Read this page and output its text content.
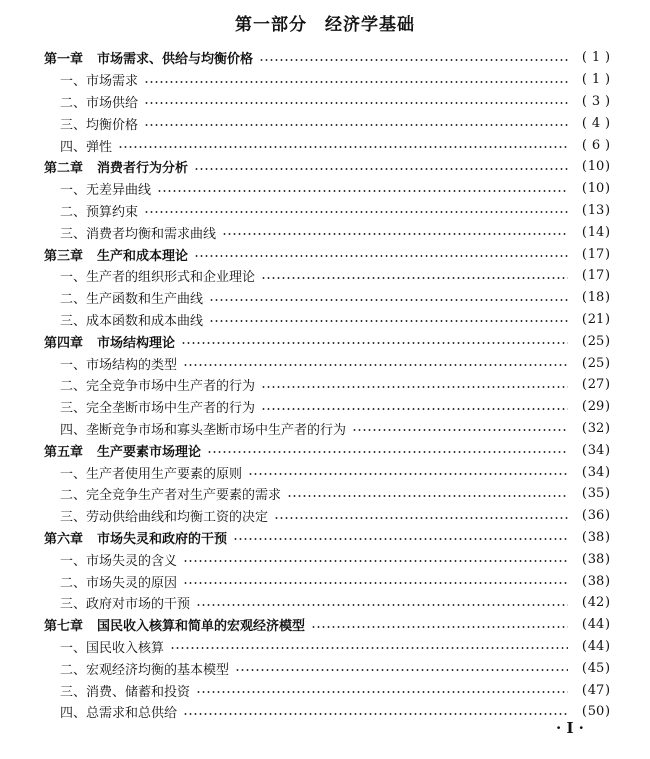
第一部分　经济学基础
第一章 市场需求、供给与均衡价格	( 1 )
一、市场需求	( 1 )
二、市场供给	( 3 )
三、均衡价格	( 4 )
四、弹性	( 6 )
第二章 消费者行为分析	(10)
一、无差异曲线	(10)
二、预算约束	(13)
三、消费者均衡和需求曲线	(14)
第三章 生产和成本理论	(17)
一、生产者的组织形式和企业理论	(17)
二、生产函数和生产曲线	(18)
三、成本函数和成本曲线	(21)
第四章 市场结构理论	(25)
一、市场结构的类型	(25)
二、完全竞争市场中生产者的行为	(27)
三、完全垄断市场中生产者的行为	(29)
四、垄断竞争市场和寡头垄断市场中生产者的行为	(32)
第五章 生产要素市场理论	(34)
一、生产者使用生产要素的原则	(34)
二、完全竞争生产者对生产要素的需求	(35)
三、劳动供给曲线和均衡工资的决定	(36)
第六章 市场失灵和政府的干预	(38)
一、市场失灵的含义	(38)
二、市场失灵的原因	(38)
三、政府对市场的干预	(42)
第七章 国民收入核算和简单的宏观经济模型	(44)
一、国民收入核算	(44)
二、宏观经济均衡的基本模型	(45)
三、消费、储蓄和投资	(47)
四、总需求和总供给	(50)
· I ·
